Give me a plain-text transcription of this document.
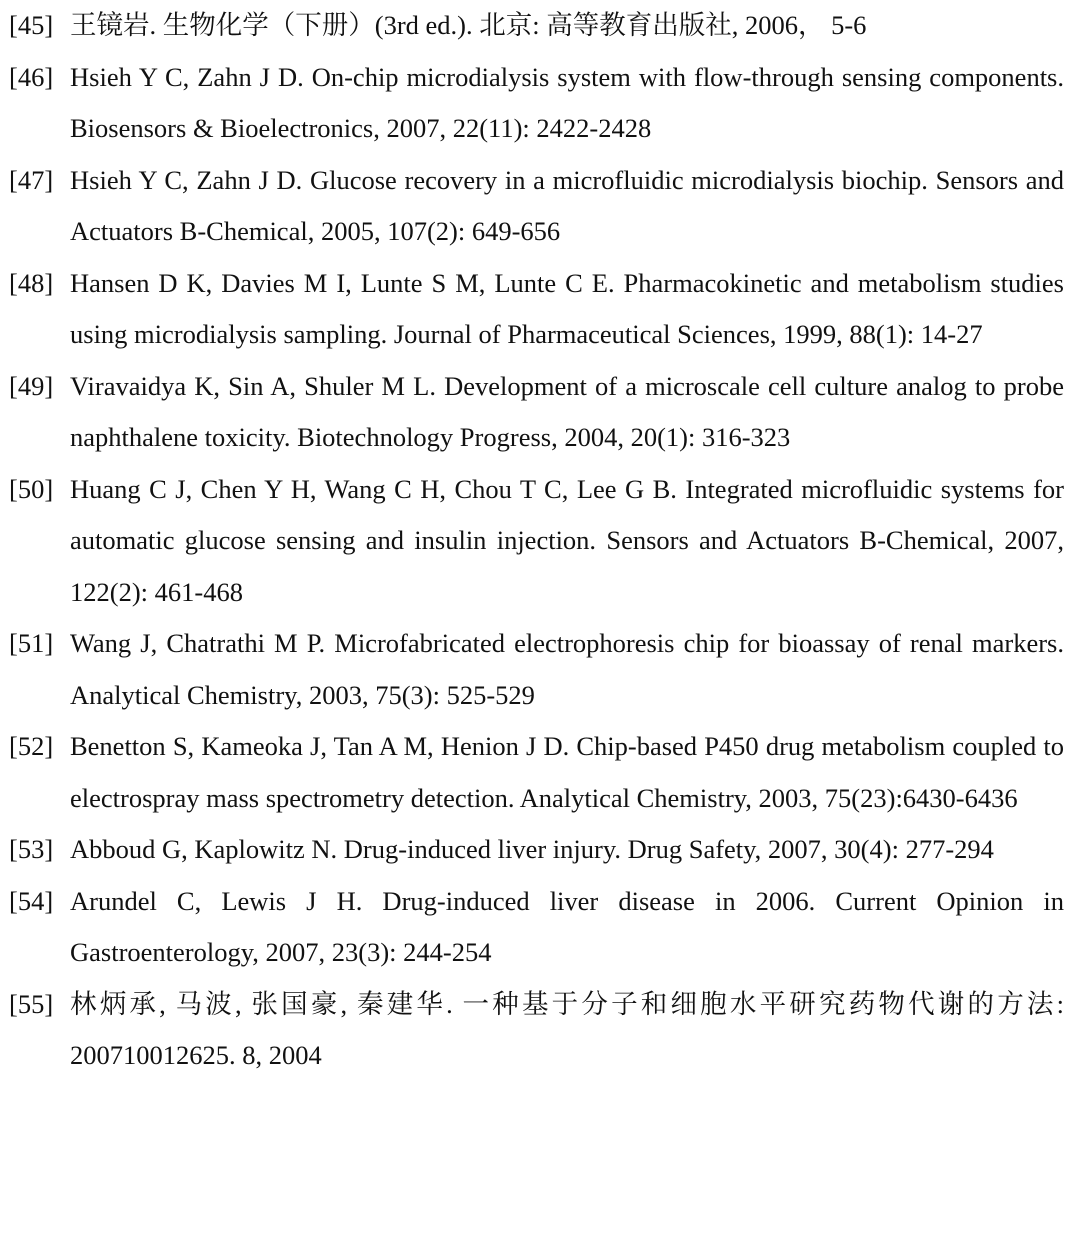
[45] 王镜岩. 生物化学（下册）(3rd ed.). 北京: 高等教育出版社, 2006， 5-6
[46] Hsieh Y C, Zahn J D. On-chip microdialysis system with flow-through sensing components. Biosensors & Bioelectronics, 2007, 22(11): 2422-2428
[47] Hsieh Y C, Zahn J D. Glucose recovery in a microfluidic microdialysis biochip. Sensors and Actuators B-Chemical, 2005, 107(2): 649-656
[48] Hansen D K, Davies M I, Lunte S M, Lunte C E. Pharmacokinetic and metabolism studies using microdialysis sampling. Journal of Pharmaceutical Sciences, 1999, 88(1): 14-27
[49] Viravaidya K, Sin A, Shuler M L. Development of a microscale cell culture analog to probe naphthalene toxicity. Biotechnology Progress, 2004, 20(1): 316-323
[50] Huang C J, Chen Y H, Wang C H, Chou T C, Lee G B. Integrated microfluidic systems for automatic glucose sensing and insulin injection. Sensors and Actuators B-Chemical, 2007, 122(2): 461-468
[51] Wang J, Chatrathi M P. Microfabricated electrophoresis chip for bioassay of renal markers. Analytical Chemistry, 2003, 75(3): 525-529
[52] Benetton S, Kameoka J, Tan A M, Henion J D. Chip-based P450 drug metabolism coupled to electrospray mass spectrometry detection. Analytical Chemistry, 2003, 75(23):6430-6436
[53] Abboud G, Kaplowitz N. Drug-induced liver injury. Drug Safety, 2007, 30(4): 277-294
[54] Arundel C, Lewis J H. Drug-induced liver disease in 2006. Current Opinion in Gastroenterology, 2007, 23(3): 244-254
[55] 林炳承, 马波, 张国豪, 秦建华. 一种基于分子和细胞水平研究药物代谢的方法: 200710012625. 8, 2004
